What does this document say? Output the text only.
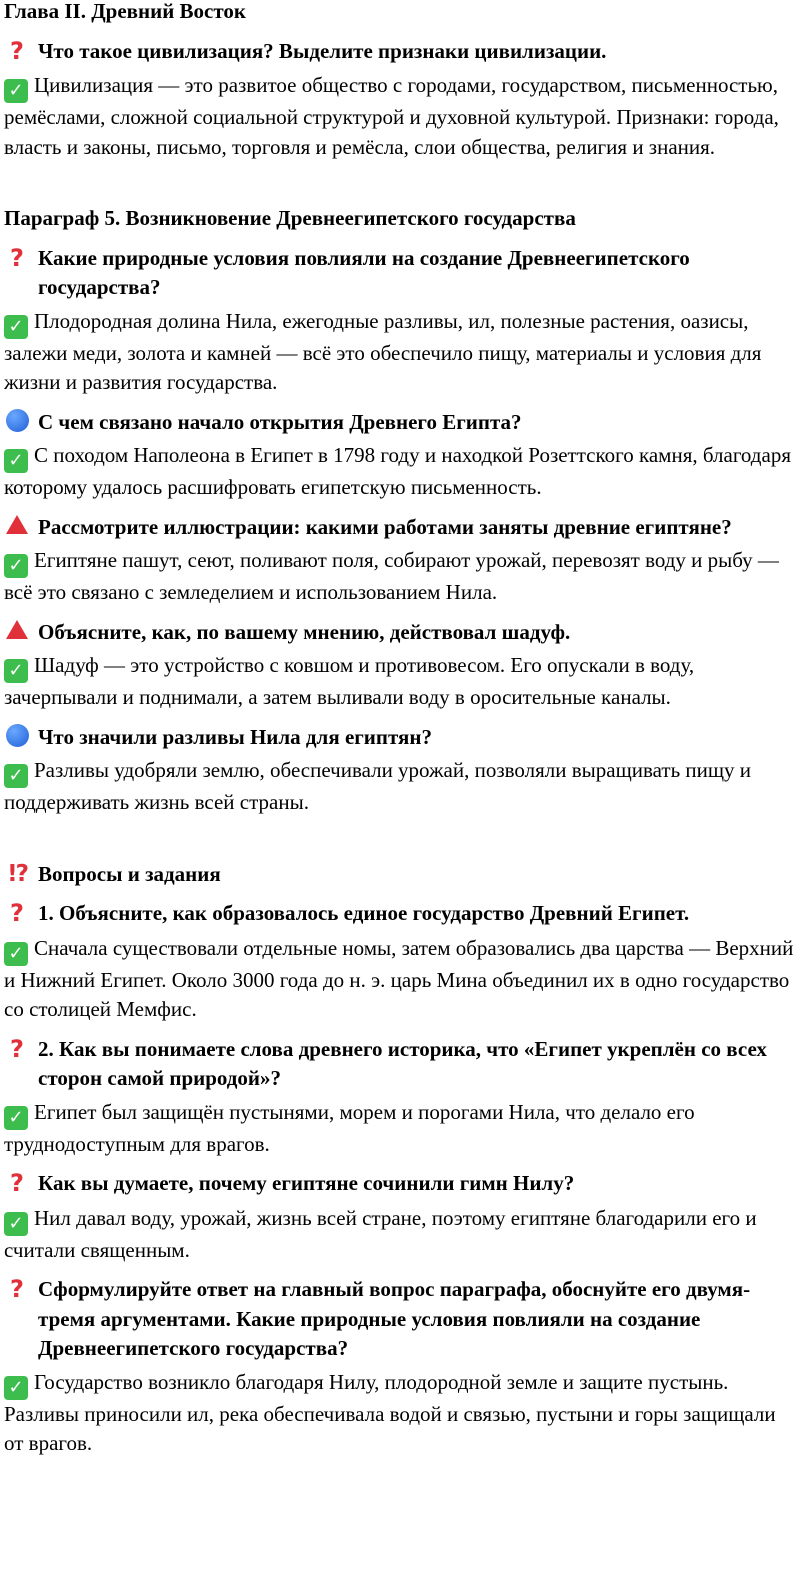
​
Глава II. Древний Восток
? Что такое цивилизация? Выделите признаки цивилизации.
✓ Цивилизация — это развитое общество с городами, государством, письменностью, ремёслами, сложной социальной структурой и духовной культурой. Признаки: города, власть и законы, письмо, торговля и ремёсла, слои общества, религия и знания.
Параграф 5. Возникновение Древнеегипетского государства
? Какие природные условия повлияли на создание Древнеегипетского государства?
✓ Плодородная долина Нила, ежегодные разливы, ил, полезные растения, оазисы, залежи меди, золота и камней — всё это обеспечило пищу, материалы и условия для жизни и развития государства.
С чем связано начало открытия Древнего Египта?
✓ С походом Наполеона в Египет в 1798 году и находкой Розеттского камня, благодаря которому удалось расшифровать египетскую письменность.
Рассмотрите иллюстрации: какими работами заняты древние египтяне?
✓ Египтяне пашут, сеют, поливают поля, собирают урожай, перевозят воду и рыбу — всё это связано с земледелием и использованием Нила.
Объясните, как, по вашему мнению, действовал шадуф.
✓ Шадуф — это устройство с ковшом и противовесом. Его опускали в воду, зачерпывали и поднимали, а затем выливали воду в оросительные каналы.
Что значили разливы Нила для египтян?
✓ Разливы удобряли землю, обеспечивали урожай, позволяли выращивать пищу и поддерживать жизнь всей страны.
!? Вопросы и задания
? 1. Объясните, как образовалось единое государство Древний Египет.
✓ Сначала существовали отдельные номы, затем образовались два царства — Верхний и Нижний Египет. Около 3000 года до н. э. царь Мина объединил их в одно государство со столицей Мемфис.
? 2. Как вы понимаете слова древнего историка, что «Египет укреплён со всех сторон самой природой»?
✓ Египет был защищён пустынями, морем и порогами Нила, что делало его труднодоступным для врагов.
? Как вы думаете, почему египтяне сочинили гимн Нилу?
✓ Нил давал воду, урожай, жизнь всей стране, поэтому египтяне благодарили его и считали священным.
? Сформулируйте ответ на главный вопрос параграфа, обоснуйте его двумя-тремя аргументами. Какие природные условия повлияли на создание Древнеегипетского государства?
✓ Государство возникло благодаря Нилу, плодородной земле и защите пустынь. Разливы приносили ил, река обеспечивала водой и связью, пустыни и горы защищали от врагов.
